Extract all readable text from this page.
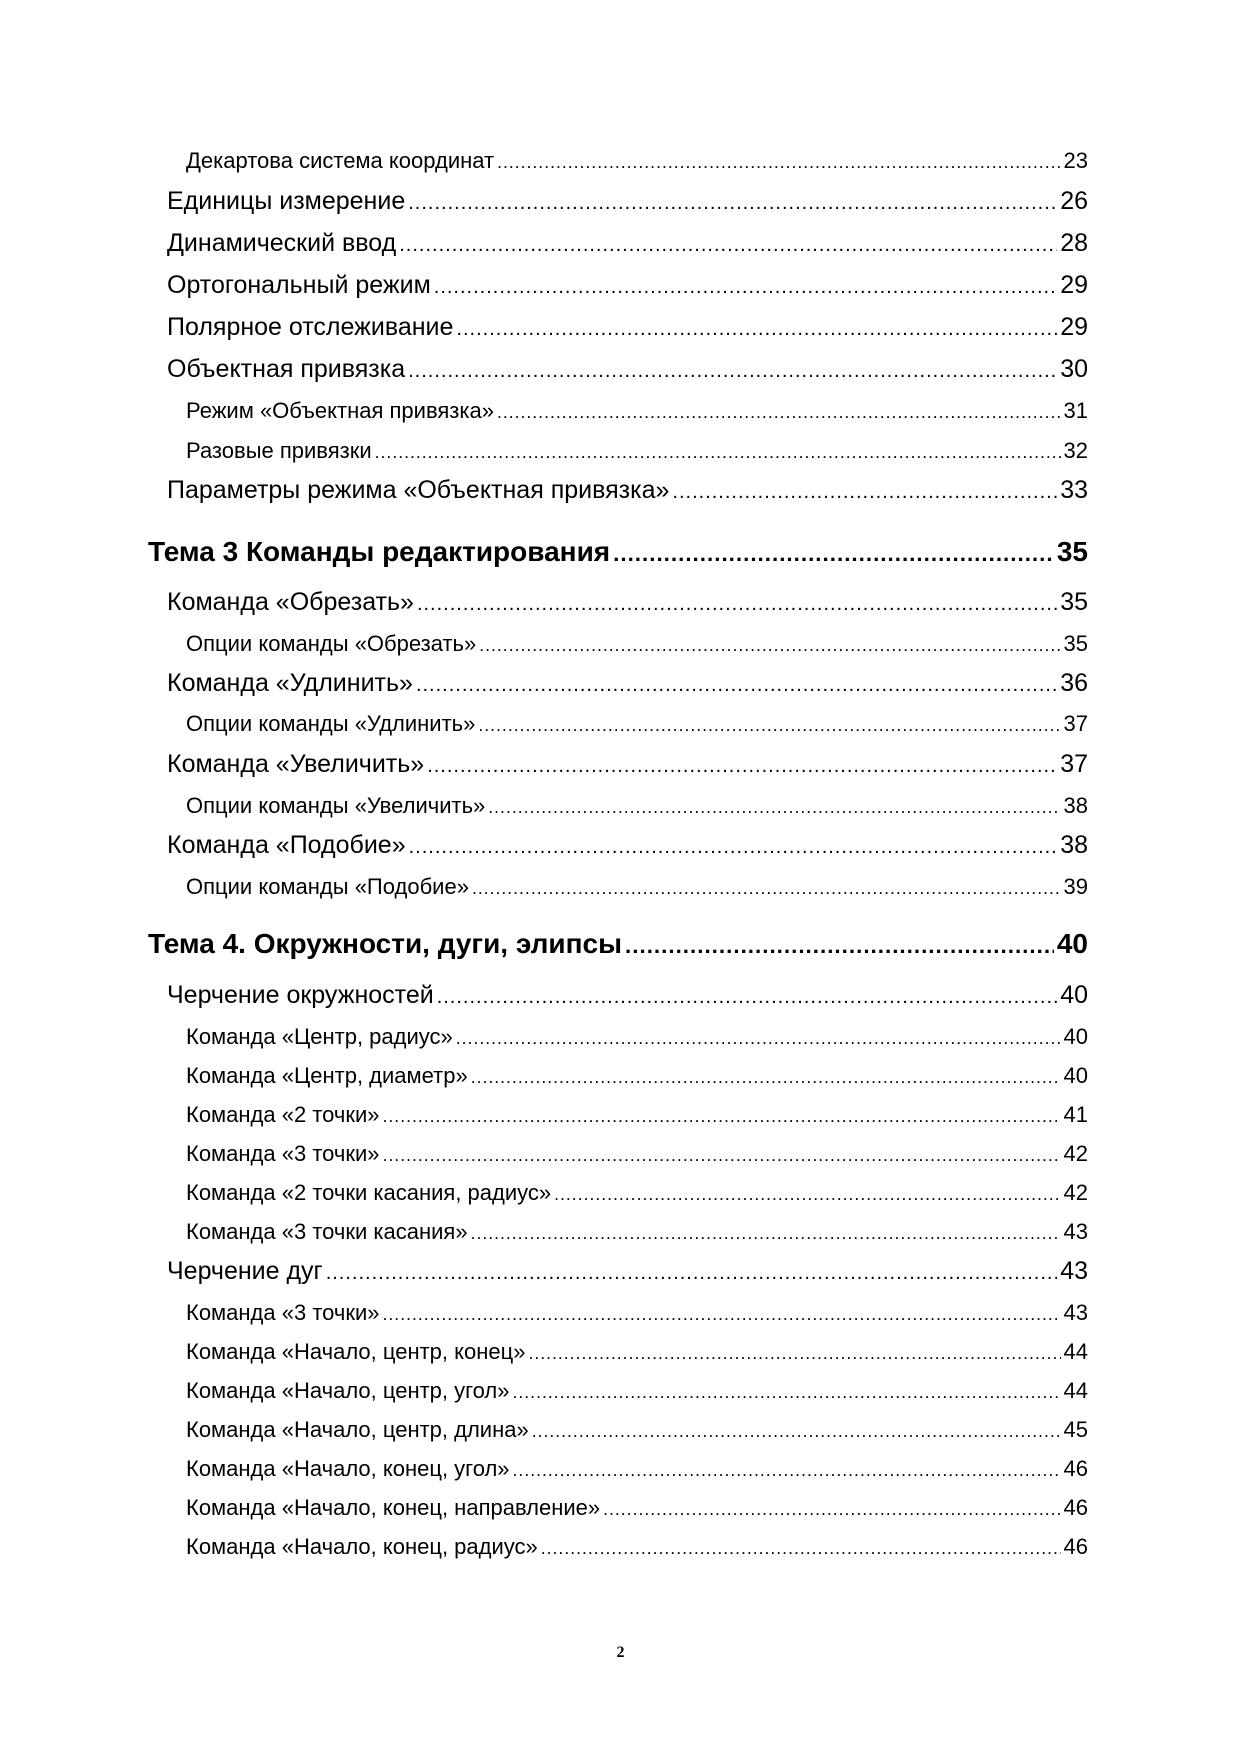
Декартова система координат .....	23
Единицы измерение .....	26
Динамический ввод .....	28
Ортогональный режим .....	29
Полярное отслеживание .....	29
Объектная привязка .....	30
Режим «Объектная привязка» .....	31
Разовые привязки .....	32
Параметры режима «Объектная привязка» .....	33
Тема 3 Команды редактирования .....	35
Команда «Обрезать» .....	35
Опции команды «Обрезать» .....	35
Команда «Удлинить» .....	36
Опции команды «Удлинить» .....	37
Команда «Увеличить» .....	37
Опции команды «Увеличить» .....	38
Команда «Подобие» .....	38
Опции команды «Подобие» .....	39
Тема 4. Окружности, дуги, элипсы .....	40
Черчение окружностей .....	40
Команда «Центр, радиус» .....	40
Команда «Центр, диаметр» .....	40
Команда «2 точки» .....	41
Команда «3 точки» .....	42
Команда «2 точки касания, радиус» .....	42
Команда «3 точки касания» .....	43
Черчение дуг .....	43
Команда «3 точки» .....	43
Команда «Начало, центр, конец» .....	44
Команда «Начало, центр, угол» .....	44
Команда «Начало, центр, длина» .....	45
Команда «Начало, конец, угол» .....	46
Команда «Начало, конец, направление» .....	46
Команда «Начало, конец, радиус» .....	46
2
